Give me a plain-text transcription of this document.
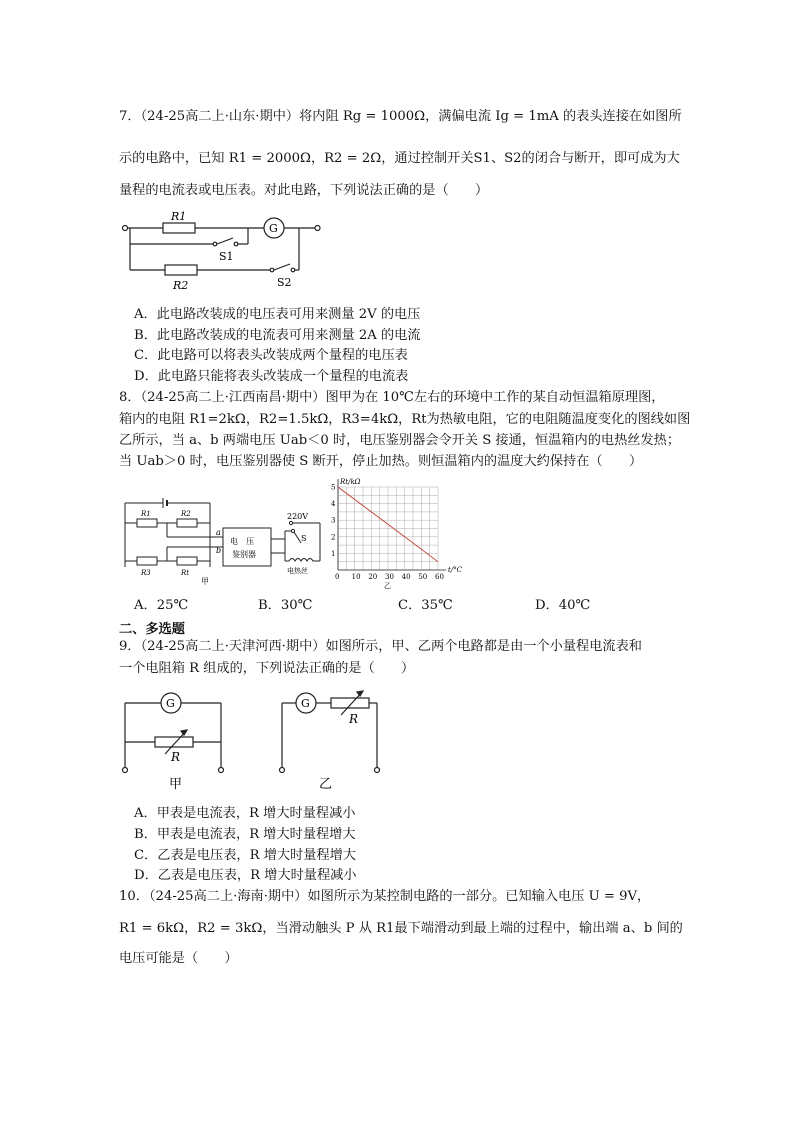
7．（24-25高二上·山东·期中）将内阻 Rg = 1000Ω，满偏电流 Ig = 1mA 的表头连接在如图所
示的电路中，已知 R1 = 2000Ω，R2 = 2Ω，通过控制开关S1、S2的闭合与断开，即可成为大
量程的电流表或电压表。对此电路，下列说法正确的是（　　）
R1
G
S1
R2	S2
A．此电路改装成的电压表可用来测量 2V 的电压
B．此电路改装成的电流表可用来测量 2A 的电流
C．此电路可以将表头改装成两个量程的电压表
D．此电路只能将表头改装成一个量程的电流表
8．（24-25高二上·江西南昌·期中）图甲为在 10℃左右的环境中工作的某自动恒温箱原理图，
箱内的电阻 R1=2kΩ，R2=1.5kΩ，R3=4kΩ，Rt为热敏电阻，它的电阻随温度变化的图线如图
乙所示，当 a、b 两端电压 Uab＜0 时，电压鉴别器会令开关 S 接通，恒温箱内的电热丝发热；
当 Uab＞0 时，电压鉴别器使 S 断开，停止加热。则恒温箱内的温度大约保持在（　　）
R1	R2
R3	Rt
a
b
电　压
鉴别器
220V
S
电热丝
甲	0 10 20 30 40 50 60
1
2
3
4
5
Rt/kΩ
t/°C
乙
A．25℃	B．30℃	C．35℃	D．40℃
二、多选题
9．（24-25高二上·天津河西·期中）如图所示，甲、乙两个电路都是由一个小量程电流表和
一个电阻箱 R 组成的，下列说法正确的是（　　）
G
R
甲
G
R
乙
A．甲表是电流表，R 增大时量程减小
B．甲表是电流表，R 增大时量程增大
C．乙表是电压表，R 增大时量程增大
D．乙表是电压表，R 增大时量程减小
10．（24-25高二上·海南·期中）如图所示为某控制电路的一部分。已知输入电压 U = 9V，
R1 = 6kΩ，R2 = 3kΩ，当滑动触头 P 从 R1最下端滑动到最上端的过程中，输出端 a、b 间的
电压可能是（　　）
